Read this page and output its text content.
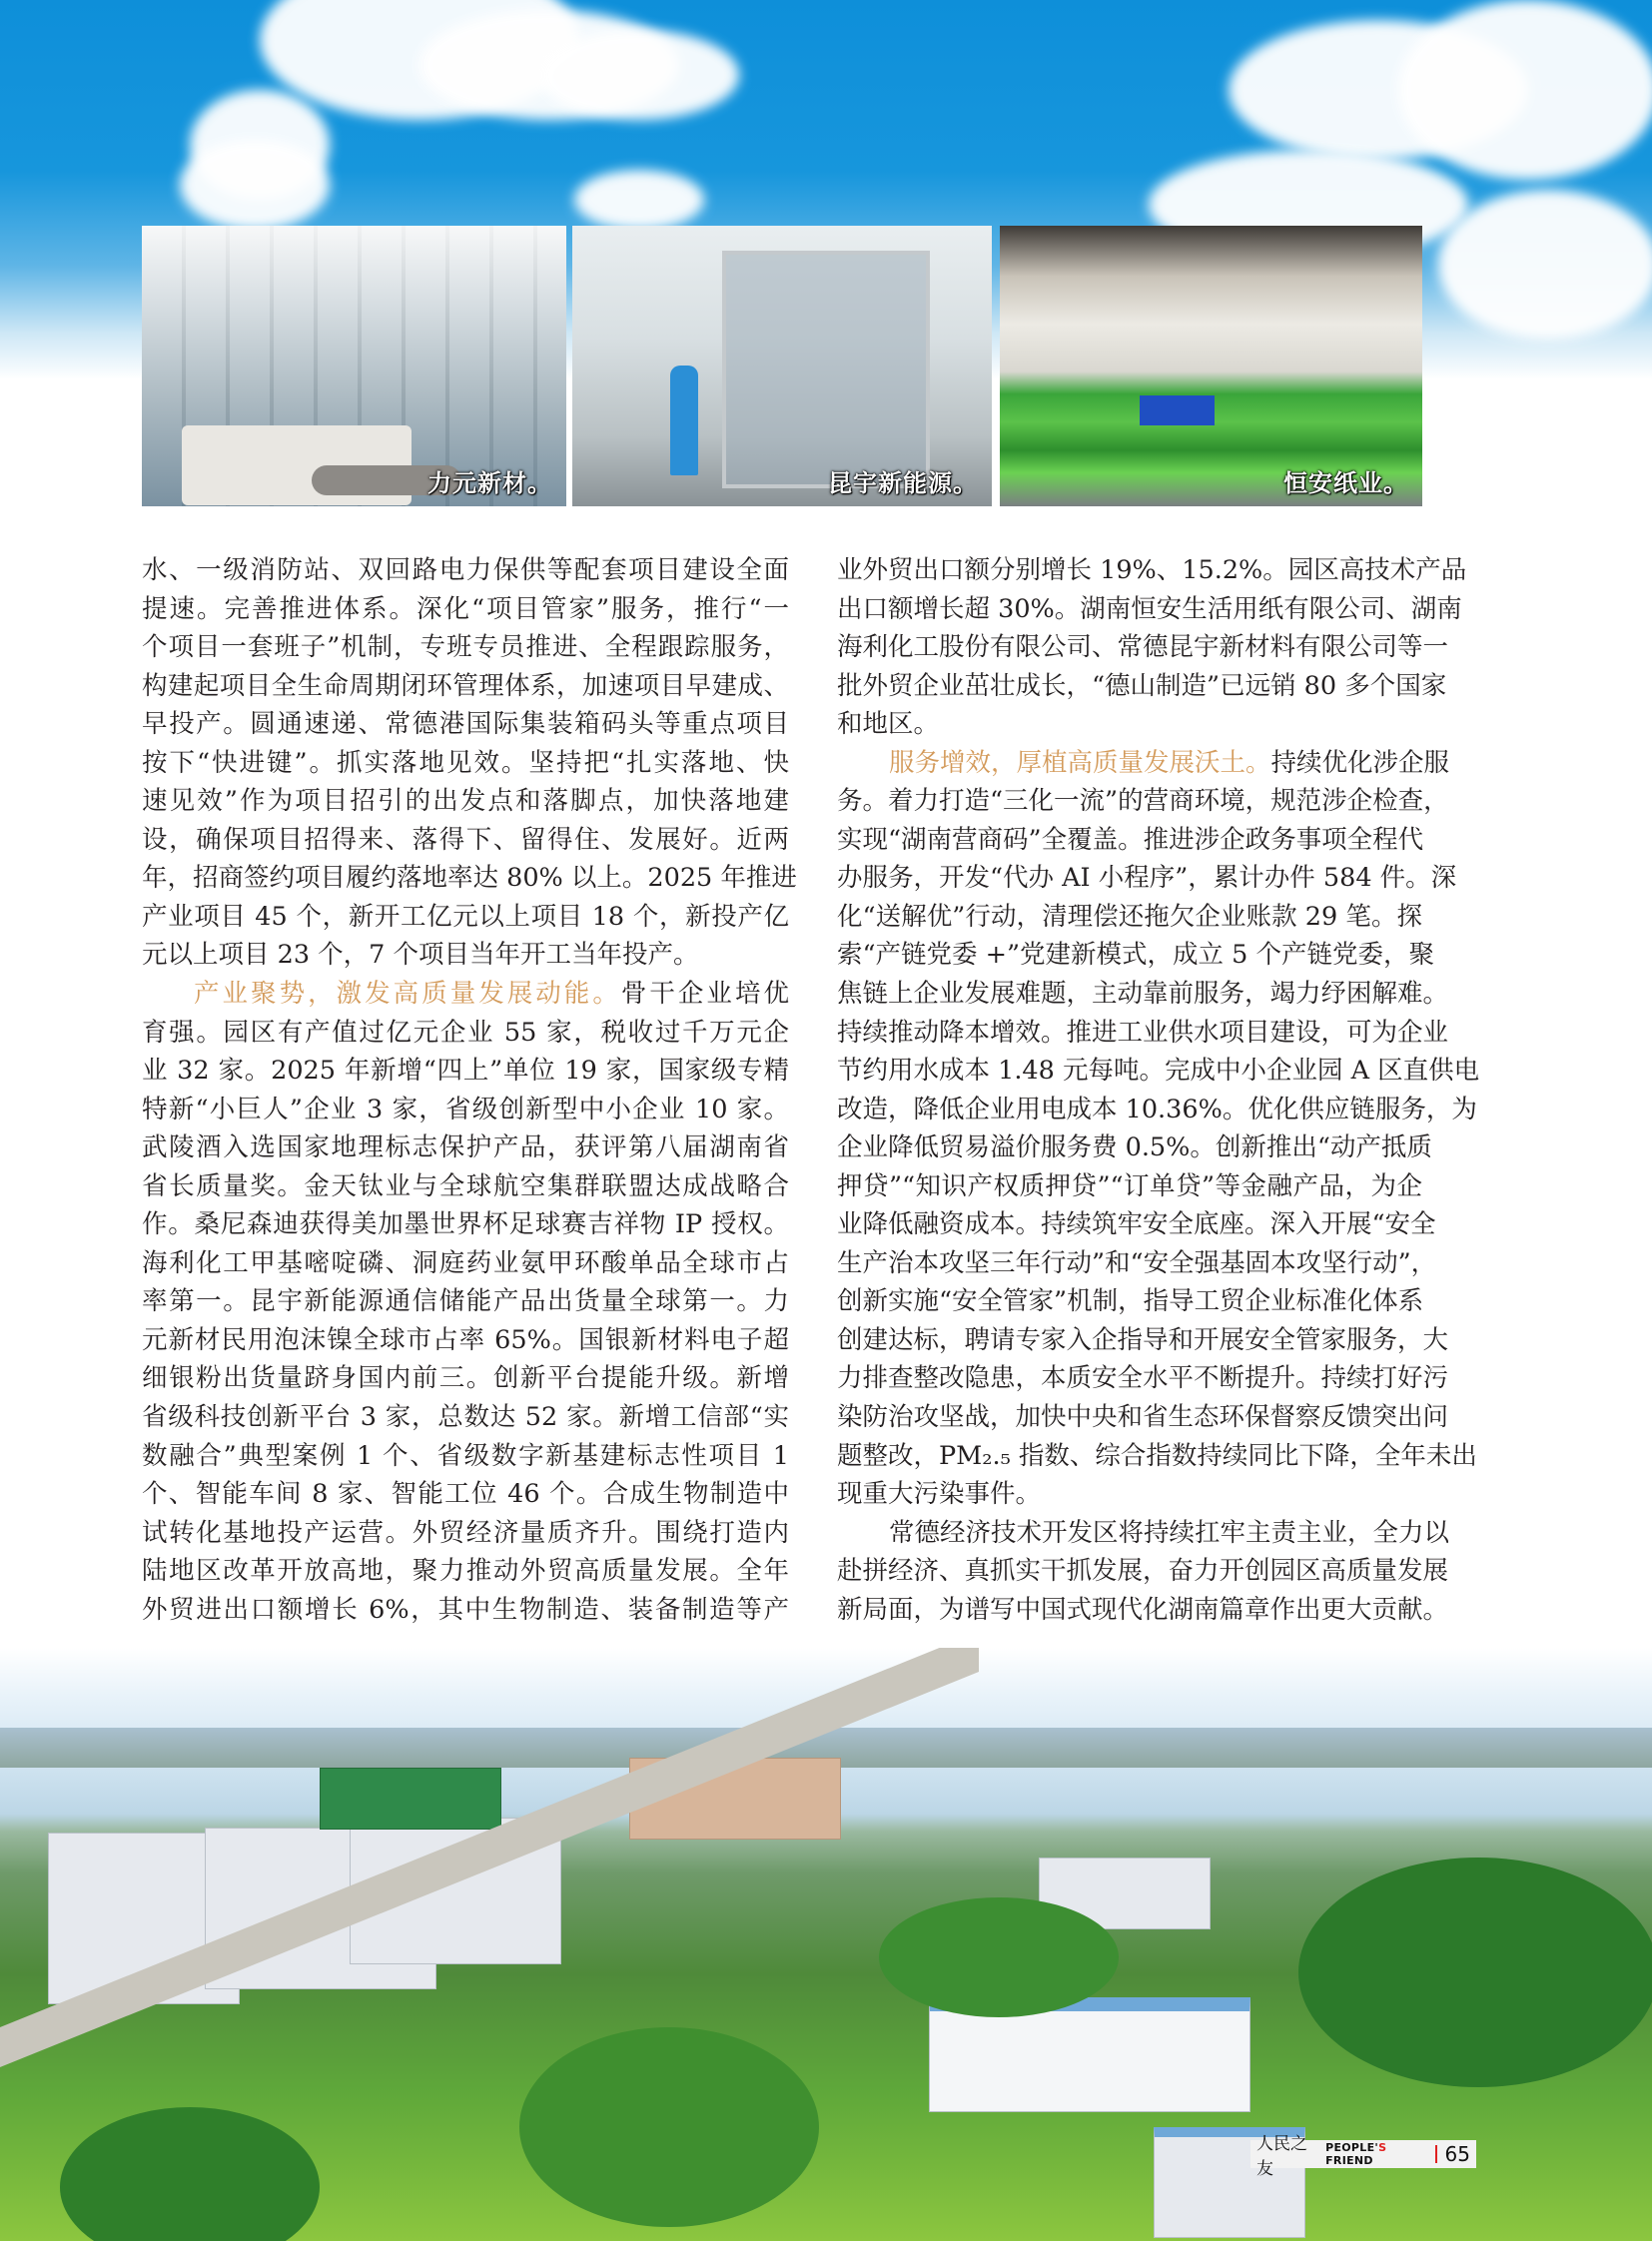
力元新材。	昆宇新能源。	恒安纸业。
水、一级消防站、双回路电力保供等配套项目建设全面
提速。完善推进体系。深化“项目管家”服务，推行“一
个项目一套班子”机制，专班专员推进、全程跟踪服务，
构建起项目全生命周期闭环管理体系，加速项目早建成、
早投产。圆通速递、常德港国际集装箱码头等重点项目
按下“快进键”。抓实落地见效。坚持把“扎实落地、快
速见效”作为项目招引的出发点和落脚点，加快落地建
设，确保项目招得来、落得下、留得住、发展好。近两
年，招商签约项目履约落地率达 80% 以上。2025 年推进
产业项目 45 个，新开工亿元以上项目 18 个，新投产亿
元以上项目 23 个，7 个项目当年开工当年投产。
产业聚势，激发高质量发展动能。骨干企业培优
育强。园区有产值过亿元企业 55 家，税收过千万元企
业 32 家。2025 年新增“四上”单位 19 家，国家级专精
特新“小巨人”企业 3 家，省级创新型中小企业 10 家。
武陵酒入选国家地理标志保护产品，获评第八届湖南省
省长质量奖。金天钛业与全球航空集群联盟达成战略合
作。桑尼森迪获得美加墨世界杯足球赛吉祥物 IP 授权。
海利化工甲基嘧啶磷、洞庭药业氨甲环酸单品全球市占
率第一。昆宇新能源通信储能产品出货量全球第一。力
元新材民用泡沫镍全球市占率 65%。国银新材料电子超
细银粉出货量跻身国内前三。创新平台提能升级。新增
省级科技创新平台 3 家，总数达 52 家。新增工信部“实
数融合”典型案例 1 个、省级数字新基建标志性项目 1
个、智能车间 8 家、智能工位 46 个。合成生物制造中
试转化基地投产运营。外贸经济量质齐升。围绕打造内
陆地区改革开放高地，聚力推动外贸高质量发展。全年
外贸进出口额增长 6%，其中生物制造、装备制造等产
业外贸出口额分别增长 19%、15.2%。园区高技术产品
出口额增长超 30%。湖南恒安生活用纸有限公司、湖南
海利化工股份有限公司、常德昆宇新材料有限公司等一
批外贸企业茁壮成长，“德山制造”已远销 80 多个国家
和地区。
服务增效，厚植高质量发展沃土。持续优化涉企服
务。着力打造“三化一流”的营商环境，规范涉企检查，
实现“湖南营商码”全覆盖。推进涉企政务事项全程代
办服务，开发“代办 AI 小程序”，累计办件 584 件。深
化“送解优”行动，清理偿还拖欠企业账款 29 笔。探
索“产链党委 +”党建新模式，成立 5 个产链党委，聚
焦链上企业发展难题，主动靠前服务，竭力纾困解难。
持续推动降本增效。推进工业供水项目建设，可为企业
节约用水成本 1.48 元每吨。完成中小企业园 A 区直供电
改造，降低企业用电成本 10.36%。优化供应链服务，为
企业降低贸易溢价服务费 0.5%。创新推出“动产抵质
押贷”“知识产权质押贷”“订单贷”等金融产品，为企
业降低融资成本。持续筑牢安全底座。深入开展“安全
生产治本攻坚三年行动”和“安全强基固本攻坚行动”，
创新实施“安全管家”机制，指导工贸企业标准化体系
创建达标，聘请专家入企指导和开展安全管家服务，大
力排查整改隐患，本质安全水平不断提升。持续打好污
染防治攻坚战，加快中央和省生态环保督察反馈突出问
题整改，PM₂.₅ 指数、综合指数持续同比下降，全年未出
现重大污染事件。
常德经济技术开发区将持续扛牢主责主业，全力以
赴拼经济、真抓实干抓发展，奋力开创园区高质量发展
新局面，为谱写中国式现代化湖南篇章作出更大贡献。
人民之友
PEOPLE'S FRIEND	65
